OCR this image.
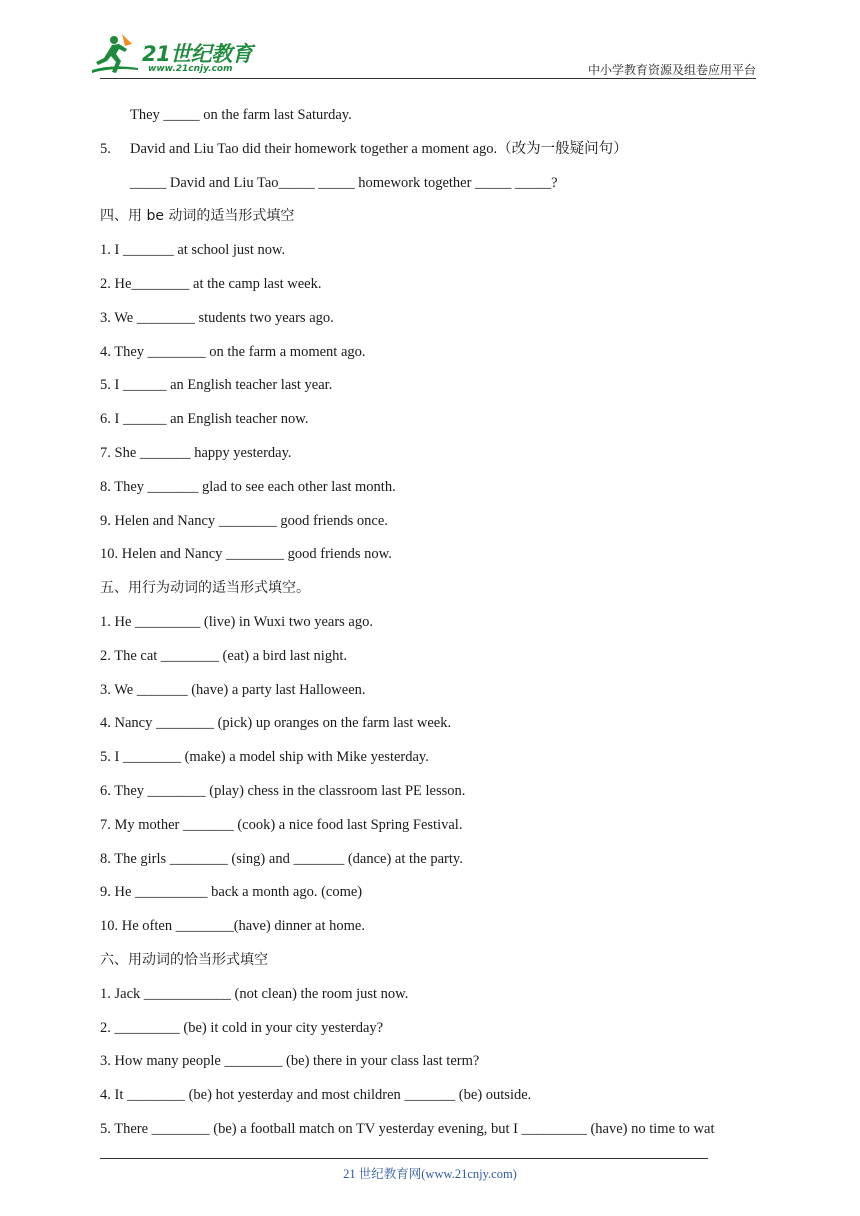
21世纪教育
www.21cnjy.com	中小学教育资源及组卷应用平台
They _____ on the farm last Saturday.
5. David and Liu Tao did their homework together a moment ago.（改为一般疑问句）
_____ David and Liu Tao_____ _____ homework together _____ _____?
四、用 be 动词的适当形式填空
1. I _______ at school just now.
2. He________ at the camp last week.
3. We ________ students two years ago.
4. They ________ on the farm a moment ago.
5. I ______ an English teacher last year.
6. I ______ an English teacher now.
7. She _______ happy yesterday.
8. They _______ glad to see each other last month.
9. Helen and Nancy ________ good friends once.
10. Helen and Nancy ________ good friends now.
五、用行为动词的适当形式填空。
1. He _________ (live) in Wuxi two years ago.
2. The cat ________ (eat) a bird last night.
3. We _______ (have) a party last Halloween.
4. Nancy ________ (pick) up oranges on the farm last week.
5. I ________ (make) a model ship with Mike yesterday.
6. They ________ (play) chess in the classroom last PE lesson.
7. My mother _______ (cook) a nice food last Spring Festival.
8. The girls ________ (sing) and _______ (dance) at the party.
9. He __________ back a month ago. (come)
10. He often ________(have) dinner at home.
六、用动词的恰当形式填空
1. Jack ____________ (not clean) the room just now.
2. _________ (be) it cold in your city yesterday?
3. How many people ________ (be) there in your class last term?
4. It ________ (be) hot yesterday and most children _______ (be) outside.
5. There ________ (be) a football match on TV yesterday evening, but I _________ (have) no time to wat
21 世纪教育网(www.21cnjy.com)
